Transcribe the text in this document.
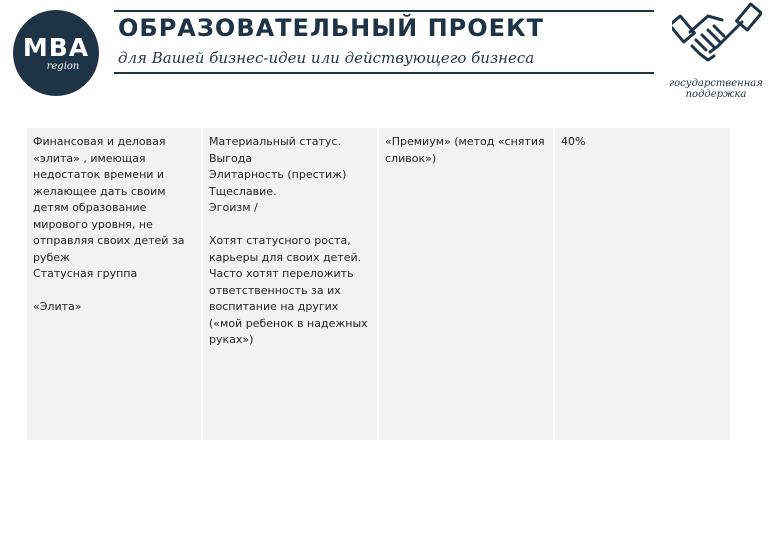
MBA
region
ОБРАЗОВАТЕЛЬНЫЙ ПРОЕКТ
для Вашей бизнес-идеи или действующего бизнеса
государственная поддержка
Финансовая и деловая «элита» , имеющая недостаток времени и желающее дать своим детям образование мирового уровня, не отправляя своих детей за рубеж
Статусная группа

«Элита»
Материальный статус. Выгода
Элитарность (престиж)
Тщеславие.
Эгоизм /

Хотят статусного роста, карьеры для своих детей. Часто хотят переложить ответственность за их воспитание на других («мой ребенок в надежных руках»)
«Премиум» (метод «снятия сливок»)
40%
